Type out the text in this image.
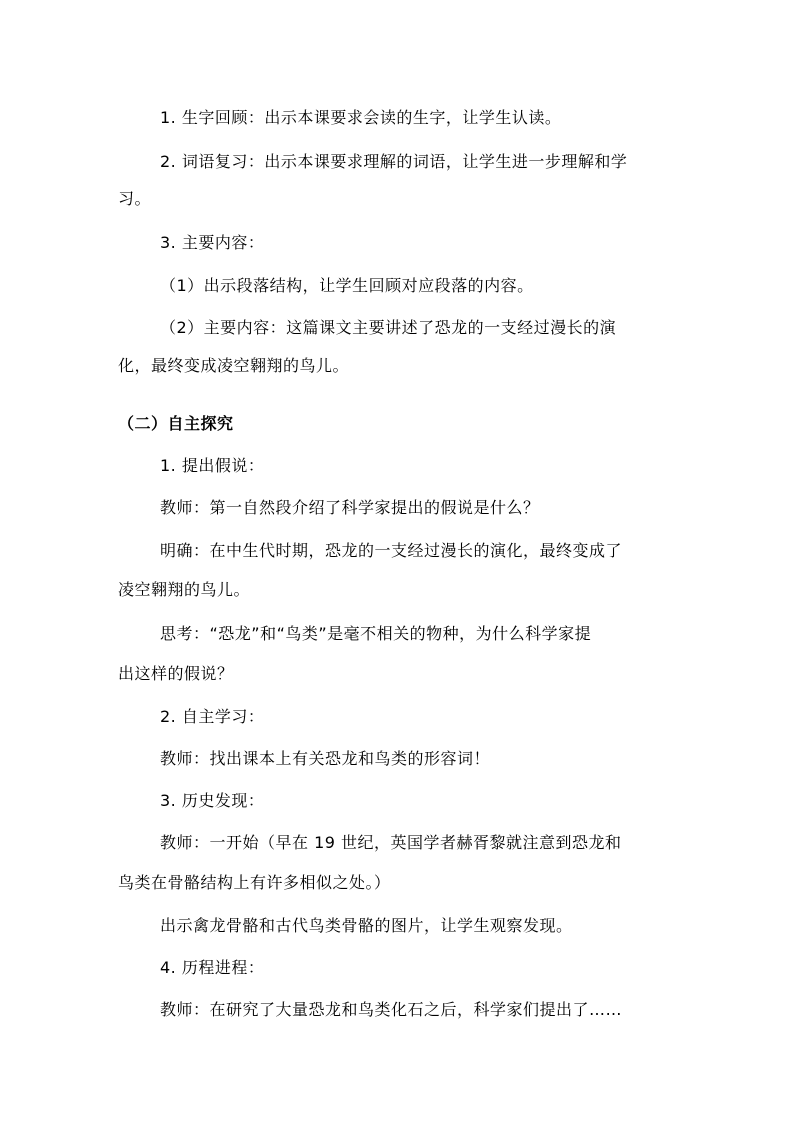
1. 生字回顾：出示本课要求会读的生字，让学生认读。
2. 词语复习：出示本课要求理解的词语，让学生进一步理解和学
习。
3. 主要内容：
（1）出示段落结构，让学生回顾对应段落的内容。
（2）主要内容：这篇课文主要讲述了恐龙的一支经过漫长的演
化，最终变成凌空翱翔的鸟儿。
（二）自主探究
1. 提出假说：
教师：第一自然段介绍了科学家提出的假说是什么？
明确：在中生代时期，恐龙的一支经过漫长的演化，最终变成了
凌空翱翔的鸟儿。
思考：“恐龙”和“鸟类”是毫不相关的物种，为什么科学家提
出这样的假说？
2. 自主学习：
教师：找出课本上有关恐龙和鸟类的形容词！
3. 历史发现：
教师：一开始（早在 19 世纪，英国学者赫胥黎就注意到恐龙和
鸟类在骨骼结构上有许多相似之处。）
出示禽龙骨骼和古代鸟类骨骼的图片，让学生观察发现。
4. 历程进程：
教师：在研究了大量恐龙和鸟类化石之后，科学家们提出了……
